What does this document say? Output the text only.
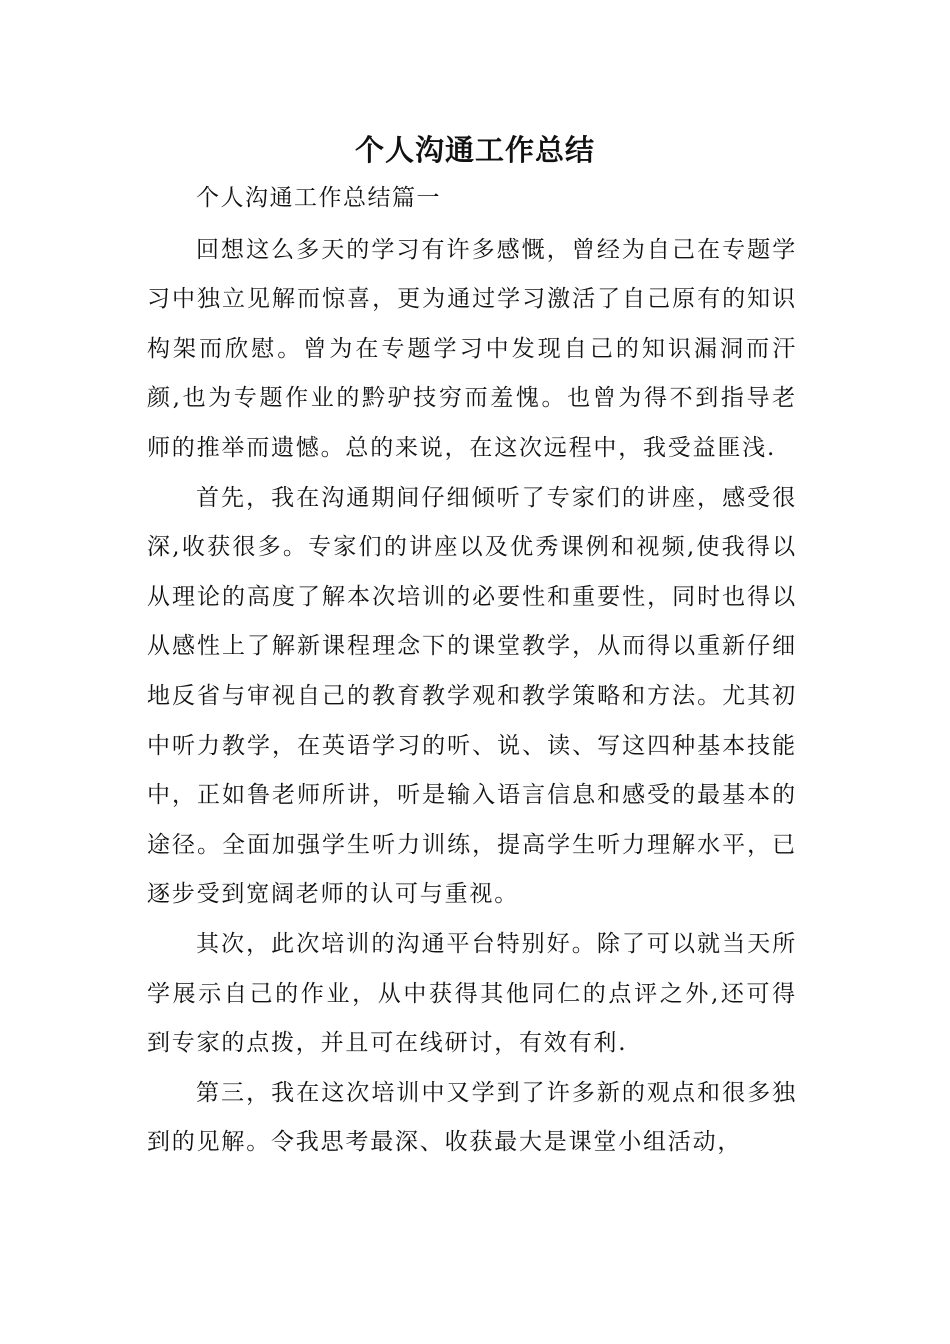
个人沟通工作总结

个人沟通工作总结篇一

回想这么多天的学习有许多感慨，曾经为自己在专题学习中独立见解而惊喜，更为通过学习激活了自己原有的知识构架而欣慰。曾为在专题学习中发现自己的知识漏洞而汗颜,也为专题作业的黔驴技穷而羞愧。也曾为得不到指导老师的推举而遗憾。总的来说，在这次远程中，我受益匪浅.

首先，我在沟通期间仔细倾听了专家们的讲座，感受很深,收获很多。专家们的讲座以及优秀课例和视频,使我得以从理论的高度了解本次培训的必要性和重要性，同时也得以从感性上了解新课程理念下的课堂教学，从而得以重新仔细地反省与审视自己的教育教学观和教学策略和方法。尤其初中听力教学，在英语学习的听、说、读、写这四种基本技能中，正如鲁老师所讲，听是输入语言信息和感受的最基本的途径。全面加强学生听力训练，提高学生听力理解水平，已逐步受到宽阔老师的认可与重视。

其次，此次培训的沟通平台特别好。除了可以就当天所学展示自己的作业，从中获得其他同仁的点评之外,还可得到专家的点拨，并且可在线研讨，有效有利.

第三，我在这次培训中又学到了许多新的观点和很多独到的见解。令我思考最深、收获最大是课堂小组活动，
